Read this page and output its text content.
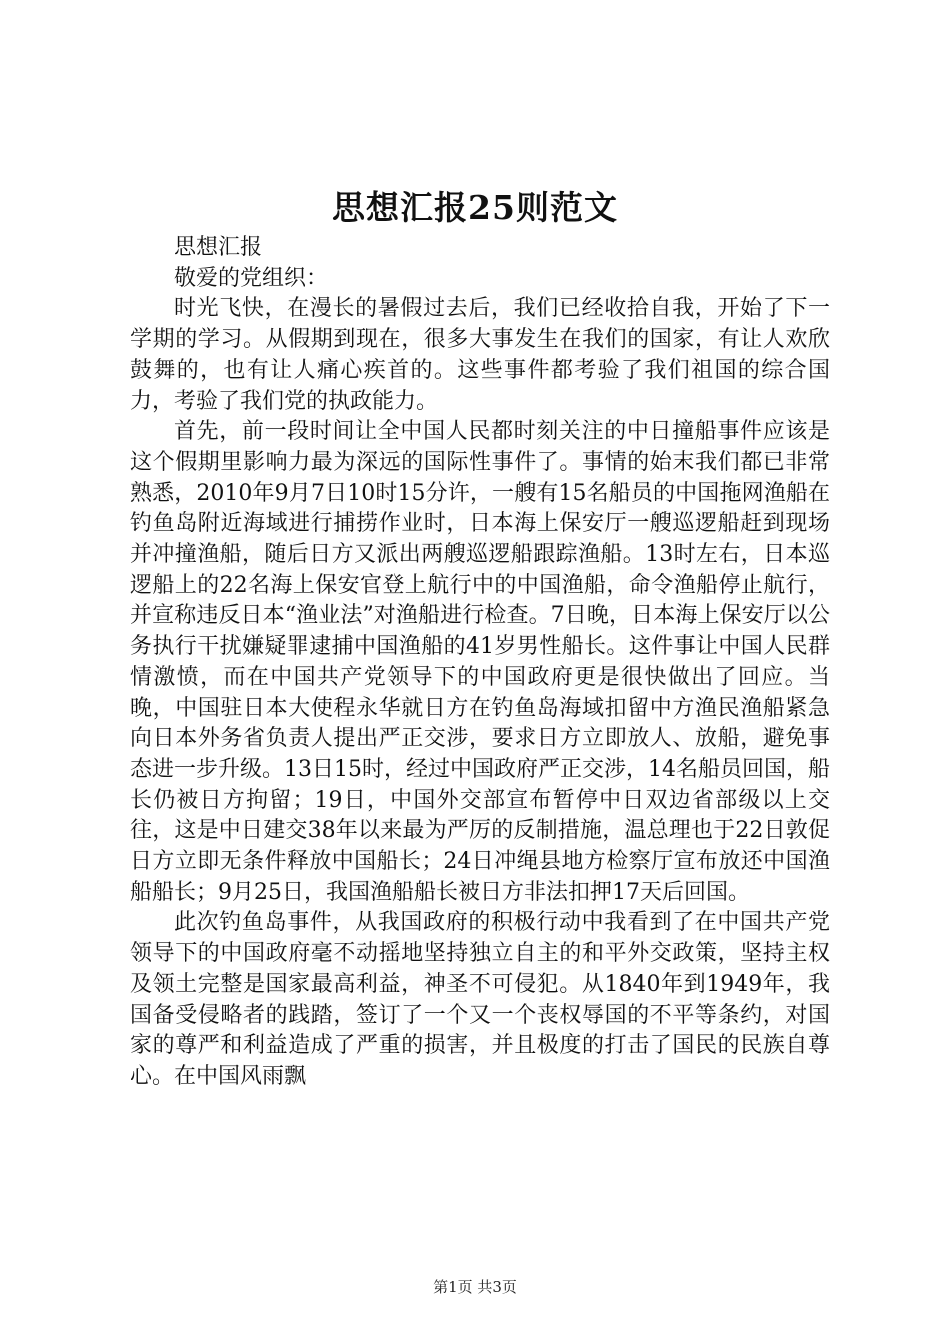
思想汇报25则范文

思想汇报

敬爱的党组织：

时光飞快，在漫长的暑假过去后，我们已经收拾自我，开始了下一学期的学习。从假期到现在，很多大事发生在我们的国家，有让人欢欣鼓舞的，也有让人痛心疾首的。这些事件都考验了我们祖国的综合国力，考验了我们党的执政能力。

首先，前一段时间让全中国人民都时刻关注的中日撞船事件应该是这个假期里影响力最为深远的国际性事件了。事情的始末我们都已非常熟悉，2010年9月7日10时15分许，一艘有15名船员的中国拖网渔船在钓鱼岛附近海域进行捕捞作业时，日本海上保安厅一艘巡逻船赶到现场并冲撞渔船，随后日方又派出两艘巡逻船跟踪渔船。13时左右，日本巡逻船上的22名海上保安官登上航行中的中国渔船，命令渔船停止航行，并宣称违反日本“渔业法”对渔船进行检查。7日晚，日本海上保安厅以公务执行干扰嫌疑罪逮捕中国渔船的41岁男性船长。这件事让中国人民群情激愤，而在中国共产党领导下的中国政府更是很快做出了回应。当晚，中国驻日本大使程永华就日方在钓鱼岛海域扣留中方渔民渔船紧急向日本外务省负责人提出严正交涉，要求日方立即放人、放船，避免事态进一步升级。13日15时，经过中国政府严正交涉，14名船员回国，船长仍被日方拘留；19日，中国外交部宣布暂停中日双边省部级以上交往，这是中日建交38年以来最为严厉的反制措施，温总理也于22日敦促日方立即无条件释放中国船长；24日冲绳县地方检察厅宣布放还中国渔船船长；9月25日，我国渔船船长被日方非法扣押17天后回国。

此次钓鱼岛事件，从我国政府的积极行动中我看到了在中国共产党领导下的中国政府毫不动摇地坚持独立自主的和平外交政策，坚持主权及领土完整是国家最高利益，神圣不可侵犯。从1840年到1949年，我国备受侵略者的践踏，签订了一个又一个丧权辱国的不平等条约，对国家的尊严和利益造成了严重的损害，并且极度的打击了国民的民族自尊心。在中国风雨飘

第1页 共3页
